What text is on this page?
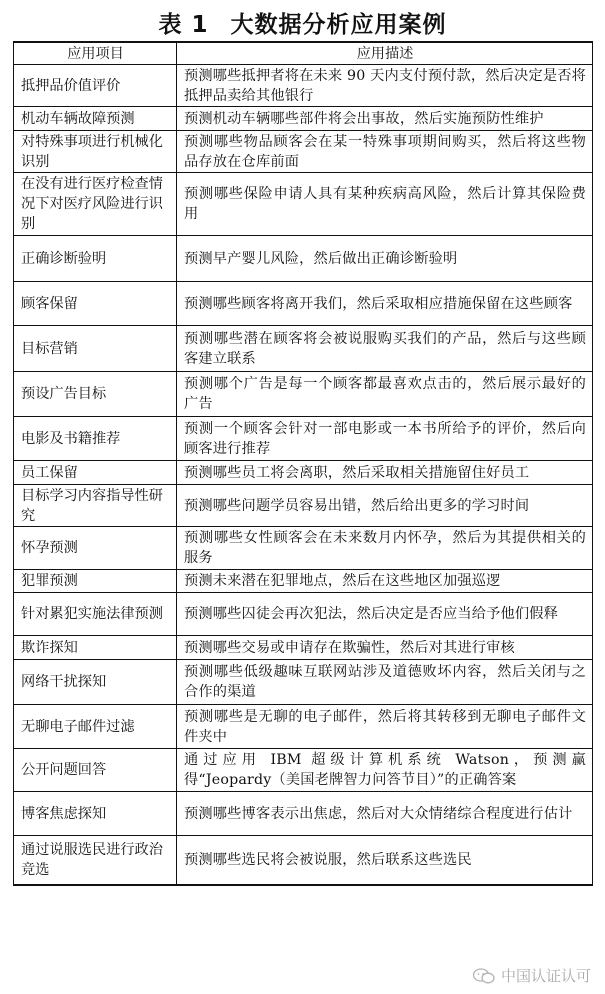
表 1 大数据分析应用案例
应用项目	应用描述
抵押品价值评价	预测哪些抵押者将在未来 90 天内支付预付款，然后决定是否将抵押品卖给其他银行
机动车辆故障预测	预测机动车辆哪些部件将会出事故，然后实施预防性维护
对特殊事项进行机械化识别	预测哪些物品顾客会在某一特殊事项期间购买，然后将这些物品存放在仓库前面
在没有进行医疗检查情况下对医疗风险进行识别	预测哪些保险申请人具有某种疾病高风险，然后计算其保险费用
正确诊断验明	预测早产婴儿风险，然后做出正确诊断验明
顾客保留	预测哪些顾客将离开我们，然后采取相应措施保留在这些顾客
目标营销	预测哪些潜在顾客将会被说服购买我们的产品，然后与这些顾客建立联系
预设广告目标	预测哪个广告是每一个顾客都最喜欢点击的，然后展示最好的广告
电影及书籍推荐	预测一个顾客会针对一部电影或一本书所给予的评价，然后向顾客进行推荐
员工保留	预测哪些员工将会离职，然后采取相关措施留住好员工
目标学习内容指导性研究	预测哪些问题学员容易出错，然后给出更多的学习时间
怀孕预测	预测哪些女性顾客会在未来数月内怀孕，然后为其提供相关的服务
犯罪预测	预测未来潜在犯罪地点，然后在这些地区加强巡逻
针对累犯实施法律预测	预测哪些囚徒会再次犯法，然后决定是否应当给予他们假释
欺诈探知	预测哪些交易或申请存在欺骗性，然后对其进行审核
网络干扰探知	预测哪些低级趣味互联网站涉及道德败坏内容，然后关闭与之合作的渠道
无聊电子邮件过滤	预测哪些是无聊的电子邮件，然后将其转移到无聊电子邮件文件夹中
公开问题回答	通过应用 IBM 超级计算机系统 Watson，预测赢得“Jeopardy（美国老牌智力问答节目）”的正确答案
博客焦虑探知	预测哪些博客表示出焦虑，然后对大众情绪综合程度进行估计
通过说服选民进行政治竞选	预测哪些选民将会被说服，然后联系这些选民
中国认证认可
